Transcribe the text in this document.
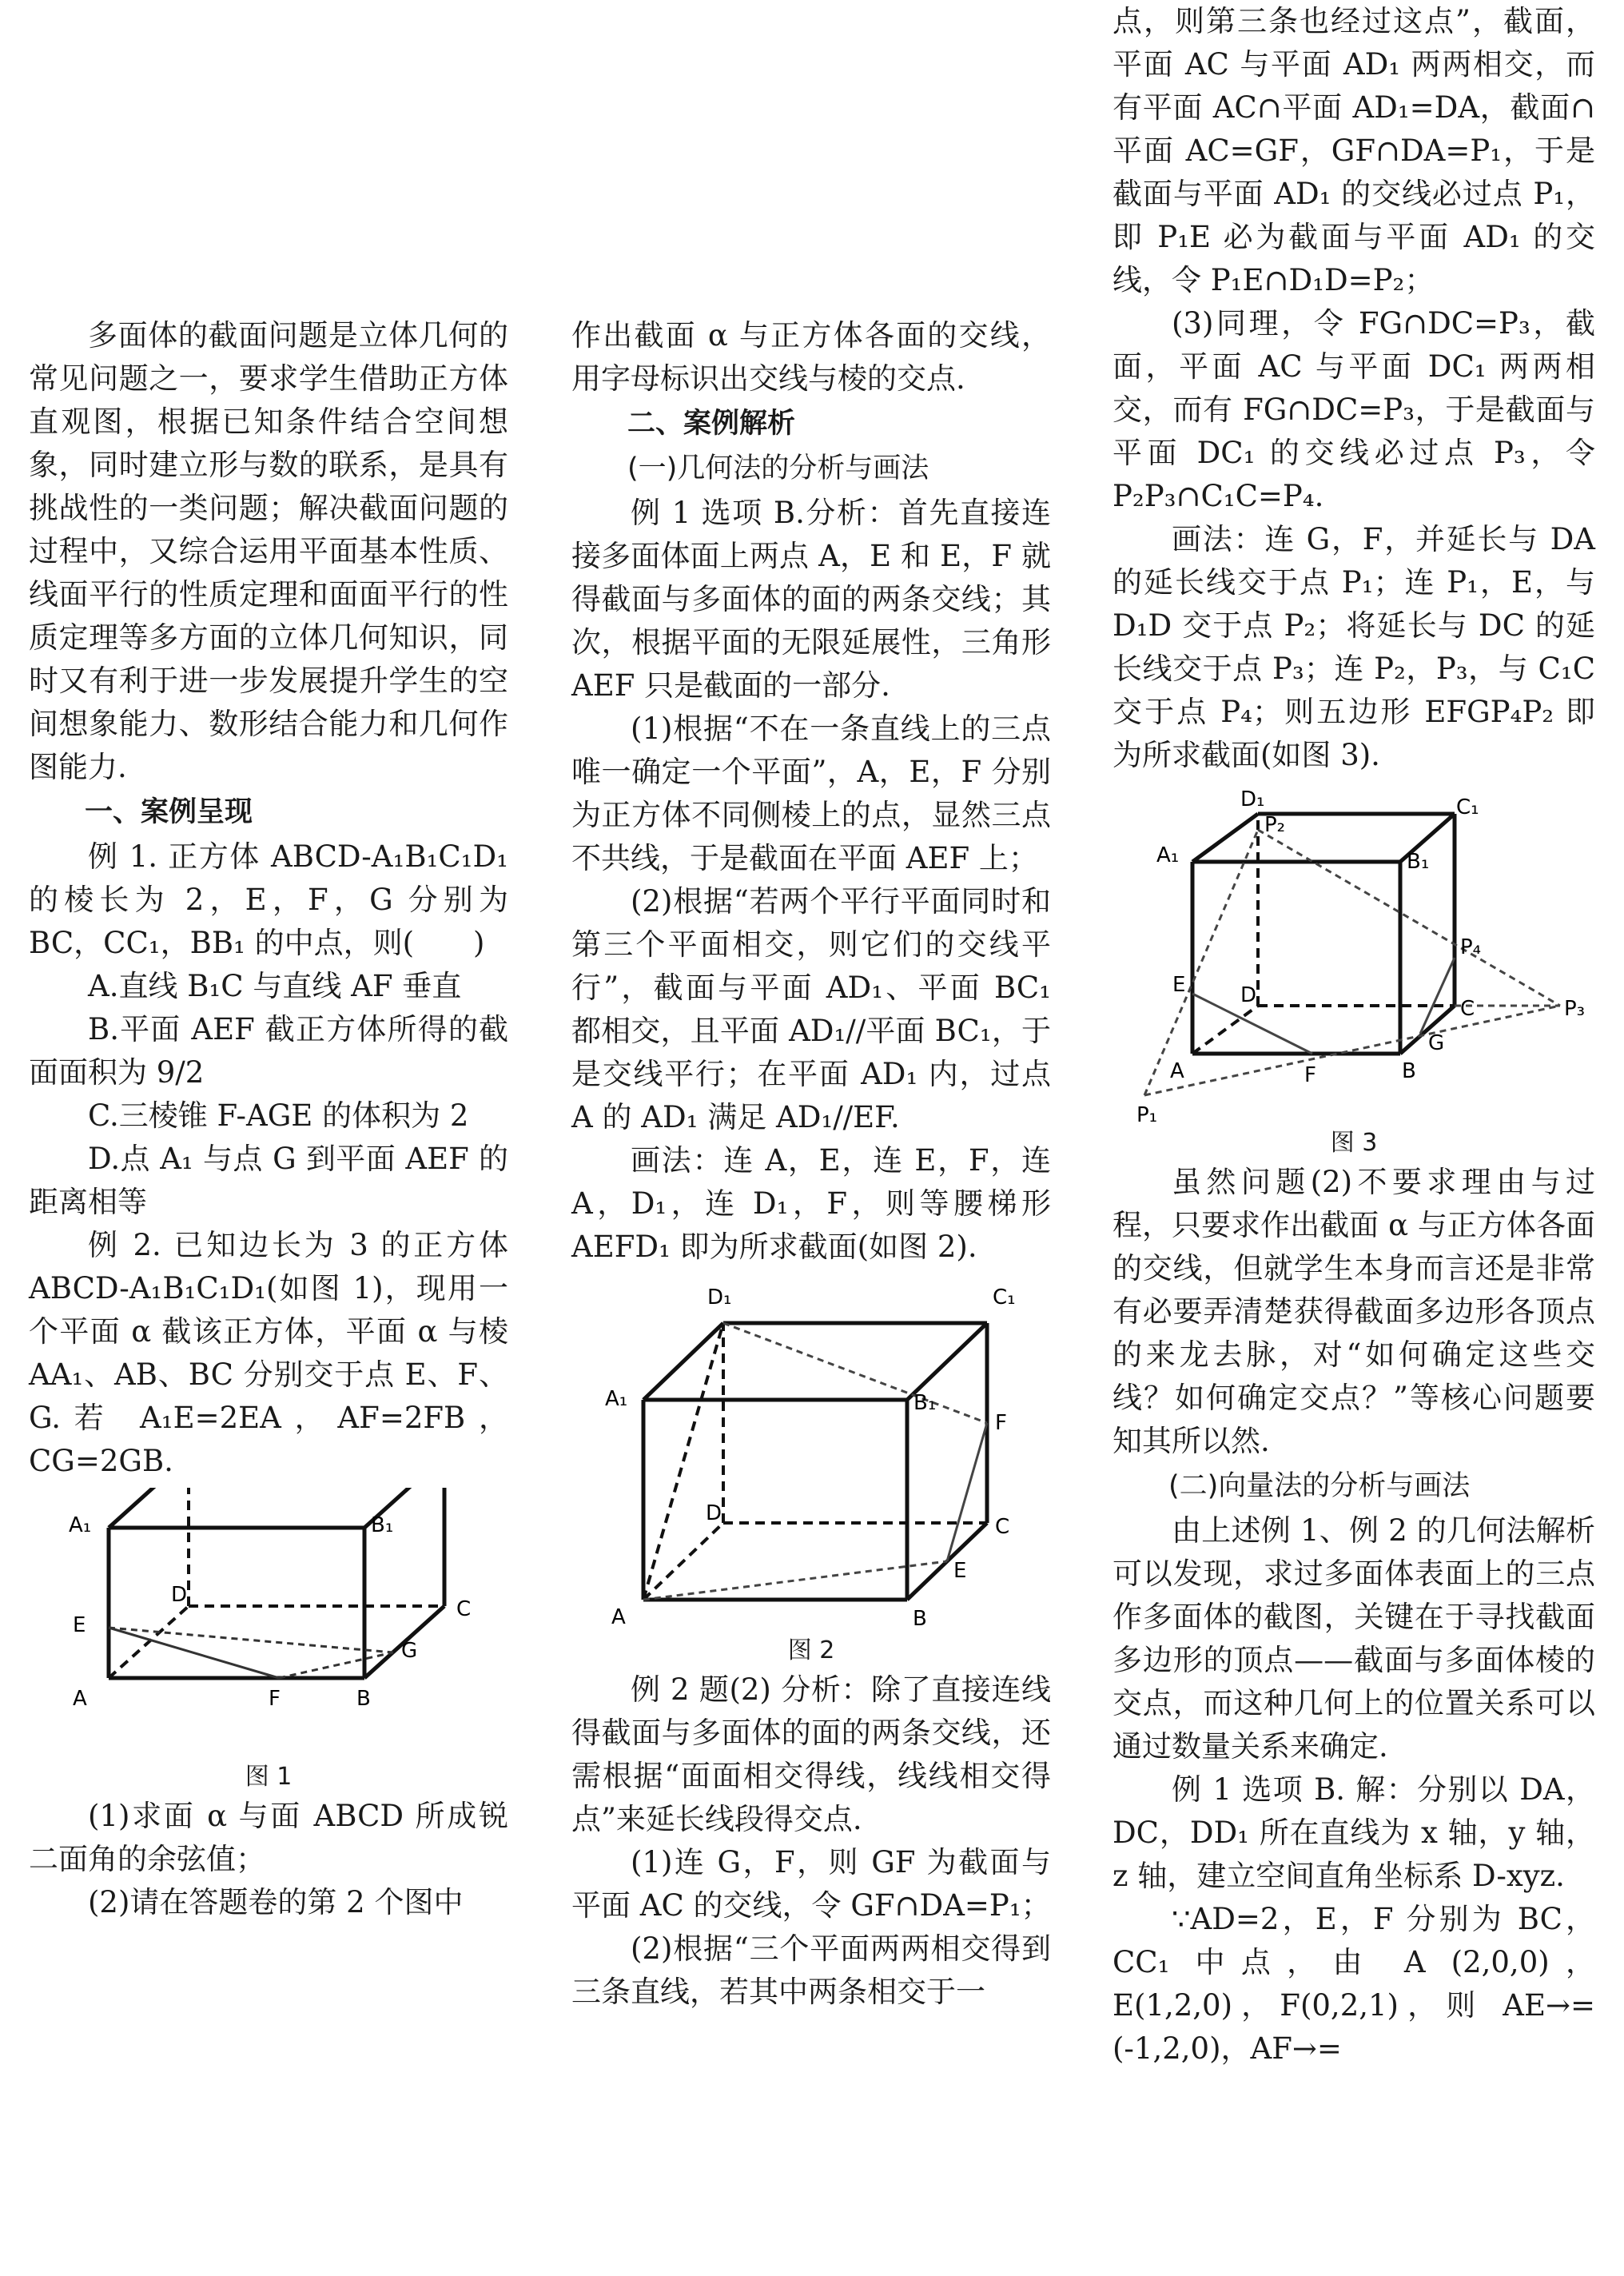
多面体的截面问题是立体几何的常见问题之一，要求学生借助正方体直观图，根据已知条件结合空间想象，同时建立形与数的联系，是具有挑战性的一类问题；解决截面问题的过程中，又综合运用平面基本性质、线面平行的性质定理和面面平行的性质定理等多方面的立体几何知识，同时又有利于进一步发展提升学生的空间想象能力、数形结合能力和几何作图能力.

一、案例呈现

例 1. 正方体 ABCD-A₁B₁C₁D₁ 的棱长为 2，E，F，G 分别为 BC，CC₁，BB₁ 的中点，则(　　)

A.直线 B₁C 与直线 AF 垂直

B.平面 AEF 截正方体所得的截面面积为 9/2

C.三棱锥 F-AGE 的体积为 2

D.点 A₁ 与点 G 到平面 AEF 的距离相等

例 2. 已知边长为 3 的正方体 ABCD-A₁B₁C₁D₁(如图 1)，现用一个平面 α 截该正方体，平面 α 与棱 AA₁、AB、BC 分别交于点 E、F、G.若 A₁E=2EA，AF=2FB，CG=2GB.

A	B
C
D
A₁	B₁
E
F
G
图 1

(1)求面 α 与面 ABCD 所成锐二面角的余弦值；

(2)请在答题卷的第 2 个图中

作出截面 α 与正方体各面的交线，用字母标识出交线与棱的交点.

二、案例解析
(一)几何法的分析与画法

例 1 选项 B.分析：首先直接连接多面体面上两点 A，E 和 E，F 就得截面与多面体的面的两条交线；其次，根据平面的无限延展性，三角形 AEF 只是截面的一部分.

(1)根据“不在一条直线上的三点唯一确定一个平面”，A，E，F 分别为正方体不同侧棱上的点，显然三点不共线，于是截面在平面 AEF 上；

(2)根据“若两个平行平面同时和第三个平面相交，则它们的交线平行”，截面与平面 AD₁、平面 BC₁ 都相交，且平面 AD₁//平面 BC₁，于是交线平行；在平面 AD₁ 内，过点 A 的 AD₁ 满足 AD₁//EF.

画法：连 A，E，连 E，F，连 A，D₁，连 D₁，F，则等腰梯形 AEFD₁ 即为所求截面(如图 2).

D₁	C₁
A	B
C
D
A₁	B₁
E
F
图 2

例 2 题(2) 分析：除了直接连线得截面与多面体的面的两条交线，还需根据“面面相交得线，线线相交得点”来延长线段得交点.

(1)连 G，F，则 GF 为截面与平面 AC 的交线，令 GF∩DA=P₁；

(2)根据“三个平面两两相交得到三条直线，若其中两条相交于一

点，则第三条也经过这点”，截面，平面 AC 与平面 AD₁ 两两相交，而有平面 AC∩平面 AD₁=DA，截面∩平面 AC=GF，GF∩DA=P₁，于是截面与平面 AD₁ 的交线必过点 P₁，即 P₁E 必为截面与平面 AD₁ 的交线，令 P₁E∩D₁D=P₂；

(3)同理，令 FG∩DC=P₃，截面，平面 AC 与平面 DC₁ 两两相交，而有 FG∩DC=P₃，于是截面与平面 DC₁ 的交线必过点 P₃，令 P₂P₃∩C₁C=P₄.

画法：连 G，F，并延长与 DA 的延长线交于点 P₁；连 P₁，E，与 D₁D 交于点 P₂；将延长与 DC 的延长线交于点 P₃；连 P₂，P₃，与 C₁C 交于点 P₄；则五边形 EFGP₄P₂ 即为所求截面(如图 3).

D₁	C₁
A	B
C
D
A₁	B₁
E
F
G
P₁
P₂
P₃
P₄
图 3

虽然问题(2)不要求理由与过程，只要求作出截面 α 与正方体各面的交线，但就学生本身而言还是非常有必要弄清楚获得截面多边形各顶点的来龙去脉，对“如何确定这些交线？如何确定交点？”等核心问题要知其所以然.

(二)向量法的分析与画法

由上述例 1、例 2 的几何法解析可以发现，求过多面体表面上的三点作多面体的截图，关键在于寻找截面多边形的顶点——截面与多面体棱的交点，而这种几何上的位置关系可以通过数量关系来确定.

例 1 选项 B. 解：分别以 DA，DC，DD₁ 所在直线为 x 轴，y 轴，z 轴，建立空间直角坐标系 D-xyz.

∵AD=2，E，F 分别为 BC，CC₁ 中点，由 A (2,0,0)，E(1,2,0)，F(0,2,1)，则 AE→=(-1,2,0)，AF→=
